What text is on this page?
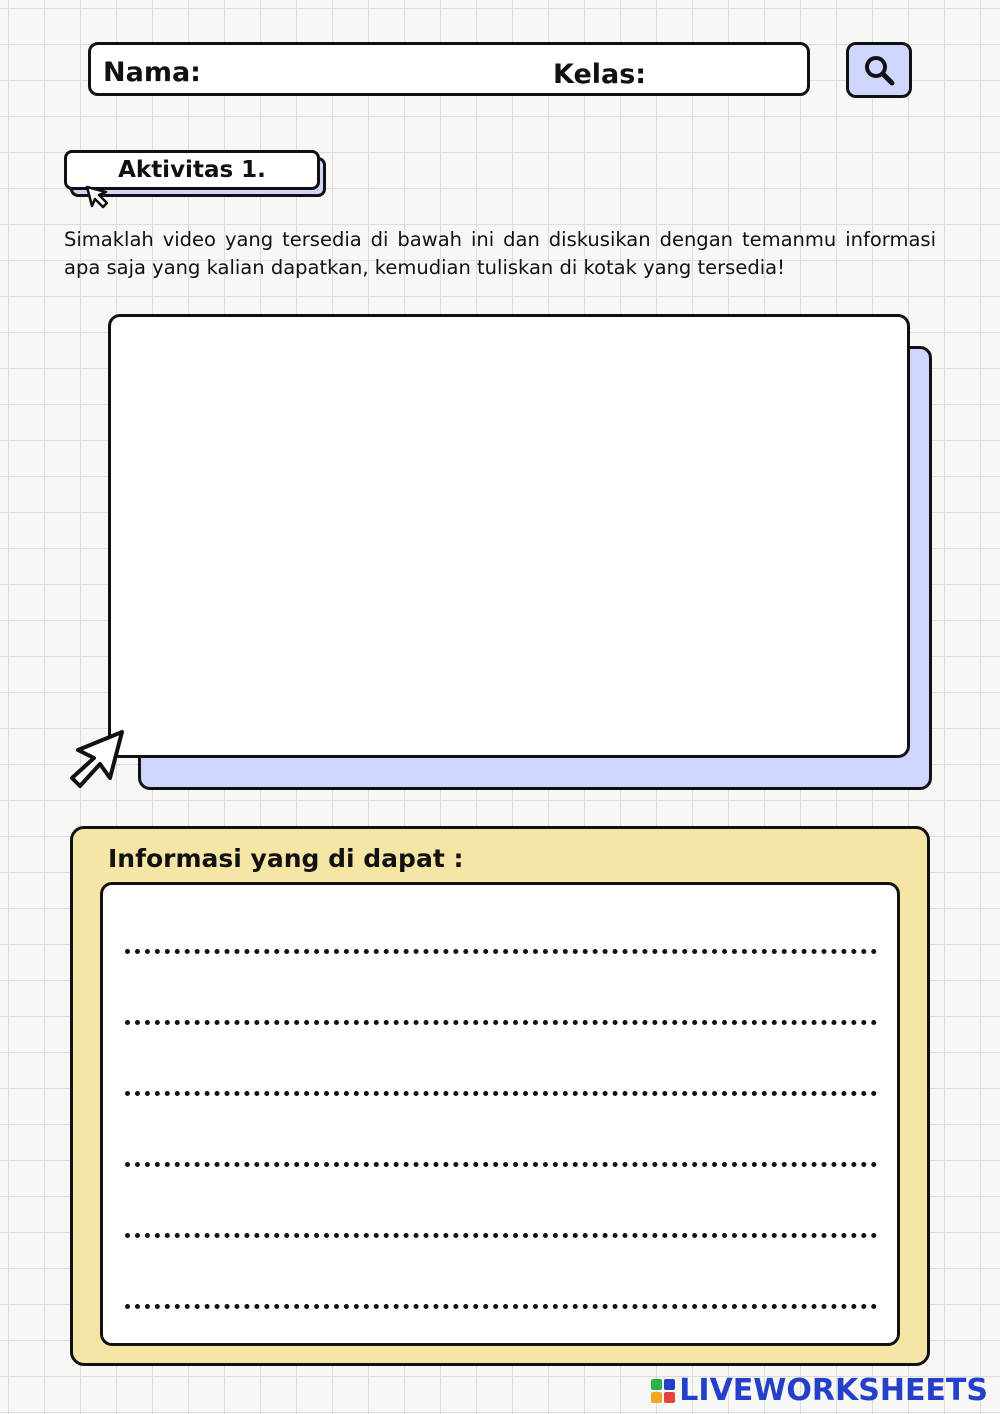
Nama:	Kelas:
Aktivitas 1.
Simaklah video yang tersedia di bawah ini dan diskusikan dengan temanmu informasi apa saja yang kalian dapatkan, kemudian tuliskan di kotak yang tersedia!
Informasi yang di dapat :
LIVEWORKSHEETS
